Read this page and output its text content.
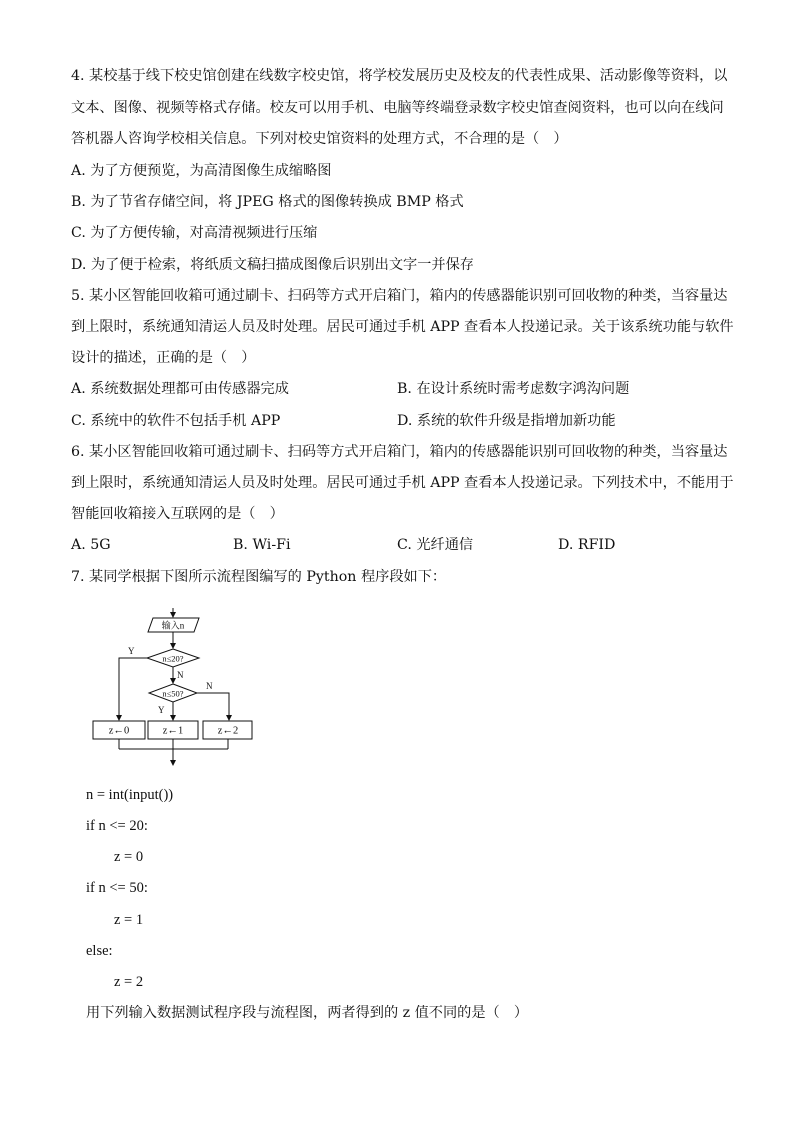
4. 某校基于线下校史馆创建在线数字校史馆，将学校发展历史及校友的代表性成果、活动影像等资料，以
文本、图像、视频等格式存储。校友可以用手机、电脑等终端登录数字校史馆查阅资料，也可以向在线问
答机器人咨询学校相关信息。下列对校史馆资料的处理方式，不合理的是（　）
A. 为了方便预览，为高清图像生成缩略图
B. 为了节省存储空间，将 JPEG 格式的图像转换成 BMP 格式
C. 为了方便传输，对高清视频进行压缩
D. 为了便于检索，将纸质文稿扫描成图像后识别出文字一并保存
5. 某小区智能回收箱可通过刷卡、扫码等方式开启箱门，箱内的传感器能识别可回收物的种类，当容量达
到上限时，系统通知清运人员及时处理。居民可通过手机 APP 查看本人投递记录。关于该系统功能与软件
设计的描述，正确的是（　）
A. 系统数据处理都可由传感器完成	B. 在设计系统时需考虑数字鸿沟问题
C. 系统中的软件不包括手机 APP	D. 系统的软件升级是指增加新功能
6. 某小区智能回收箱可通过刷卡、扫码等方式开启箱门，箱内的传感器能识别可回收物的种类，当容量达
到上限时，系统通知清运人员及时处理。居民可通过手机 APP 查看本人投递记录。下列技术中，不能用于
智能回收箱接入互联网的是（　）
A. 5G	B. Wi-Fi	C. 光纤通信	D. RFID
7. 某同学根据下图所示流程图编写的 Python 程序段如下：
输入n
n≤20?
n≤50?
Y
N
N
Y
z←0	z←1	z←2
n = int(input())
if n <= 20:
z = 0
if n <= 50:
z = 1
else:
z = 2
用下列输入数据测试程序段与流程图，两者得到的 z 值不同的是（　）
